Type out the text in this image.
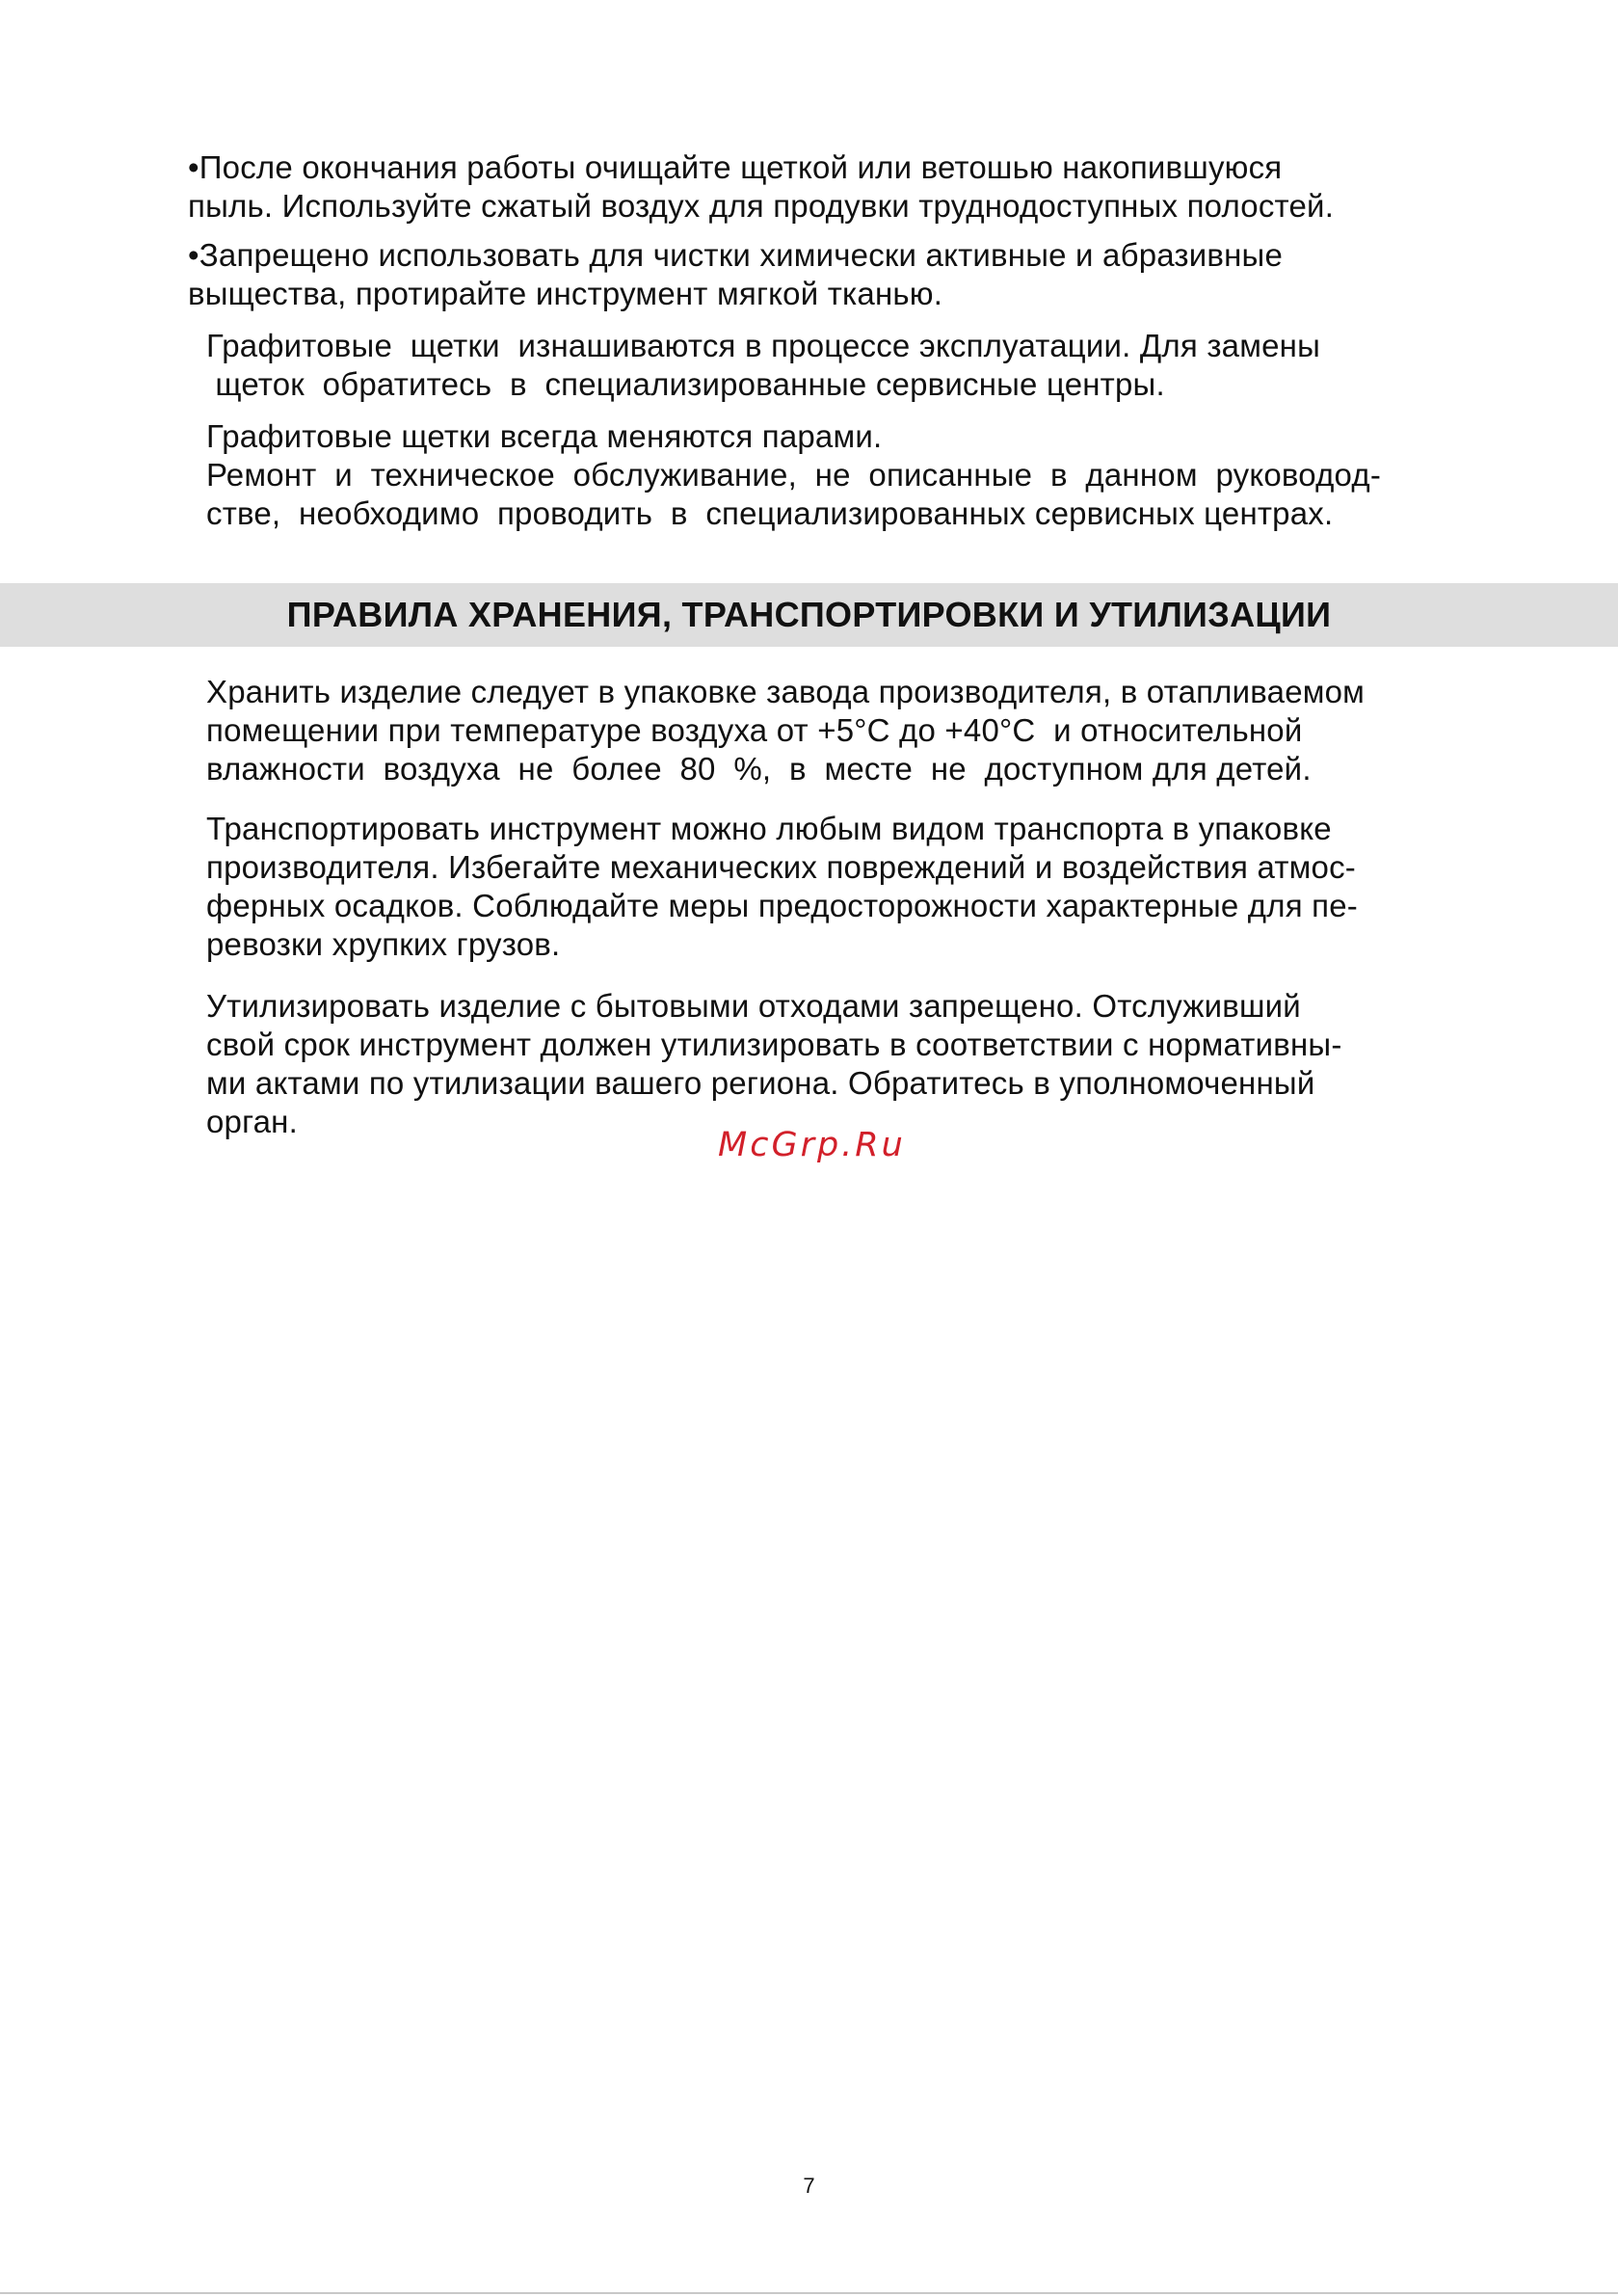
•После окончания работы очищайте щеткой или ветошью накопившуюся
пыль. Используйте сжатый воздух для продувки труднодоступных полостей.
•Запрещено использовать для чистки химически активные и абразивные
выщества, протирайте инструмент мягкой тканью.
Графитовые  щетки  изнашиваются в процессе эксплуатации. Для замены
щеток  обратитесь  в  специализированные сервисные центры.
Графитовые щетки всегда меняются парами.
Ремонт  и  техническое  обслуживание,  не  описанные  в  данном  руководод-
стве,  необходимо  проводить  в  специализированных сервисных центрах.
ПРАВИЛА ХРАНЕНИЯ, ТРАНСПОРТИРОВКИ И УТИЛИЗАЦИИ
Хранить изделие следует в упаковке завода производителя, в отапливаемом
помещении при температуре воздуха от +5°С до +40°С  и относительной
влажности  воздуха  не  более  80  %,  в  месте  не  доступном для детей.
Транспортировать инструмент можно любым видом транспорта в упаковке
производителя. Избегайте механических повреждений и воздействия атмос-
ферных осадков. Соблюдайте меры предосторожности характерные для пе-
ревозки хрупких грузов.
Утилизировать изделие с бытовыми отходами запрещено. Отслуживший
свой срок инструмент должен утилизировать в соответствии с нормативны-
ми актами по утилизации вашего региона. Обратитесь в уполномоченный
орган.
McGrp.Ru
7
